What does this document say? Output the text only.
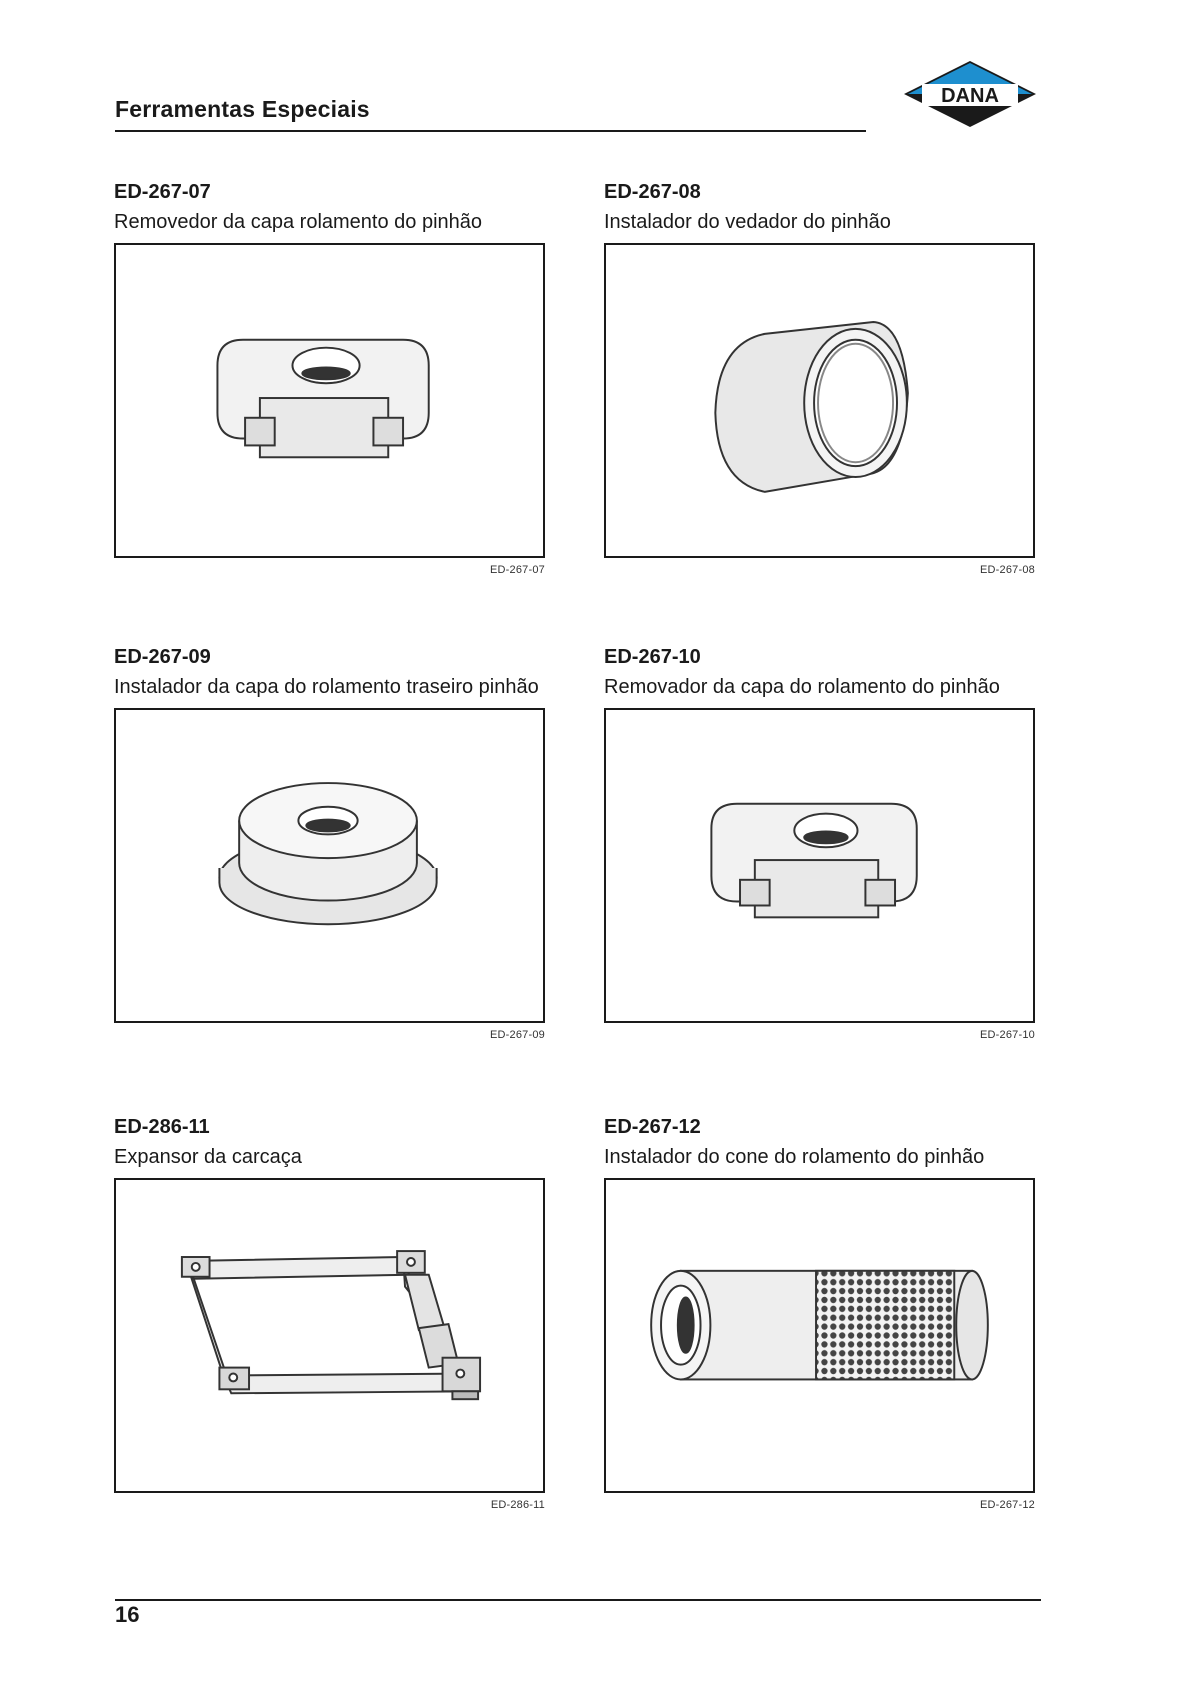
Ferramentas Especiais	DANA
ED-267-07
Removedor da capa rolamento do pinhão
ED-267-07
ED-267-08
Instalador do vedador do pinhão
ED-267-08
ED-267-09
Instalador da capa do rolamento traseiro pinhão
ED-267-09
ED-267-10
Removador da capa do rolamento do pinhão
ED-267-10
ED-286-11
Expansor da carcaça
ED-286-11
ED-267-12
Instalador do cone do rolamento do pinhão
ED-267-12
16
